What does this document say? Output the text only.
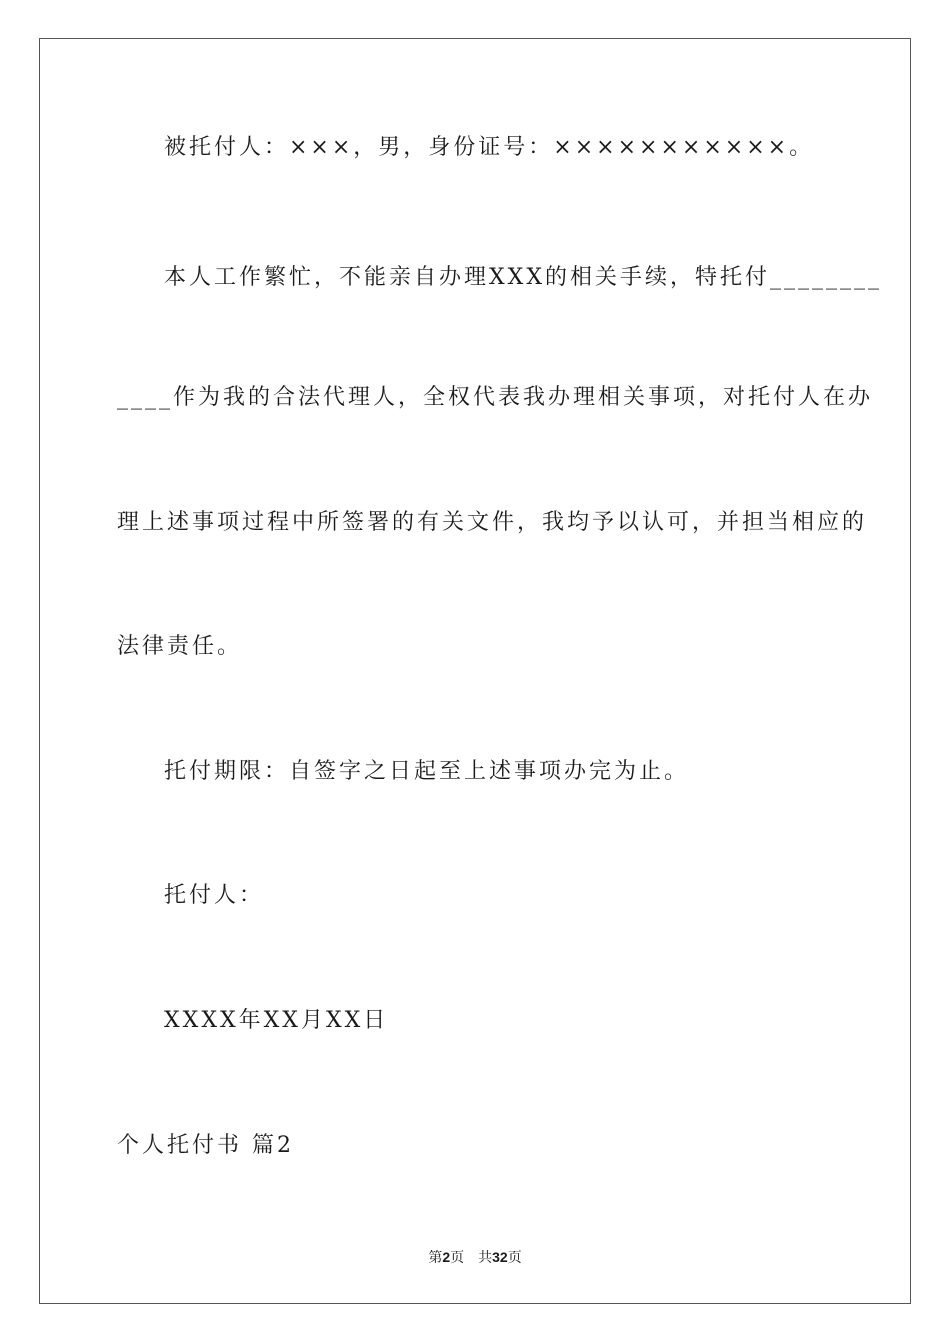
被托付人：×××，男，身份证号：×××××××××××。
本人工作繁忙，不能亲自办理XXX的相关手续，特托付________
____作为我的合法代理人，全权代表我办理相关事项，对托付人在办
理上述事项过程中所签署的有关文件，我均予以认可，并担当相应的
法律责任。
托付期限：自签字之日起至上述事项办完为止。
托付人：
XXXX年XX月XX日
个人托付书 篇2
第2页 共32页
